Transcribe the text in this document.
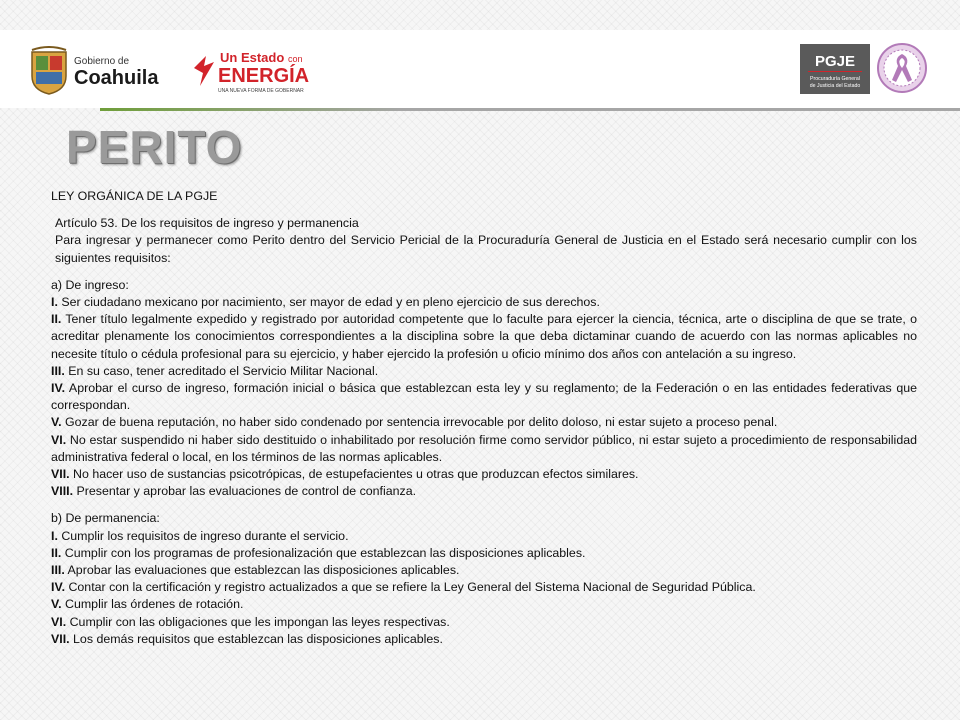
Gobierno de
Coahuila
Un Estado con
ENERGÍA
UNA NUEVA FORMA DE GOBERNAR
PGJE
Procuraduría General
de Justicia del Estado
PERITO

LEY ORGÁNICA DE LA PGJE

Artículo 53. De los requisitos de ingreso y permanencia

Para ingresar y permanecer como Perito dentro del Servicio Pericial de la Procuraduría General de Justicia en el Estado será necesario cumplir con los siguientes requisitos:

a) De ingreso:

I. Ser ciudadano mexicano por nacimiento, ser mayor de edad y en pleno ejercicio de sus derechos.

II. Tener título legalmente expedido y registrado por autoridad competente que lo faculte para ejercer la ciencia, técnica, arte o disciplina de que se trate, o acreditar plenamente los conocimientos correspondientes a la disciplina sobre la que deba dictaminar cuando de acuerdo con las normas aplicables no necesite título o cédula profesional para su ejercicio, y haber ejercido la profesión u oficio mínimo dos años con antelación a su ingreso.

III. En su caso, tener acreditado el Servicio Militar Nacional.

IV. Aprobar el curso de ingreso, formación inicial o básica que establezcan esta ley y su reglamento; de la Federación o en las entidades federativas que correspondan.

V. Gozar de buena reputación, no haber sido condenado por sentencia irrevocable por delito doloso, ni estar sujeto a proceso penal.

VI. No estar suspendido ni haber sido destituido o inhabilitado por resolución firme como servidor público, ni estar sujeto a procedimiento de responsabilidad administrativa federal o local, en los términos de las normas aplicables.

VII. No hacer uso de sustancias psicotrópicas, de estupefacientes u otras que produzcan efectos similares.

VIII. Presentar y aprobar las evaluaciones de control de confianza.

b) De permanencia:

I. Cumplir los requisitos de ingreso durante el servicio.

II. Cumplir con los programas de profesionalización que establezcan las disposiciones aplicables.

III. Aprobar las evaluaciones que establezcan las disposiciones aplicables.

IV. Contar con la certificación y registro actualizados a que se refiere la Ley General del Sistema Nacional de Seguridad Pública.

V. Cumplir las órdenes de rotación.

VI. Cumplir con las obligaciones que les impongan las leyes respectivas.

VII. Los demás requisitos que establezcan las disposiciones aplicables.
